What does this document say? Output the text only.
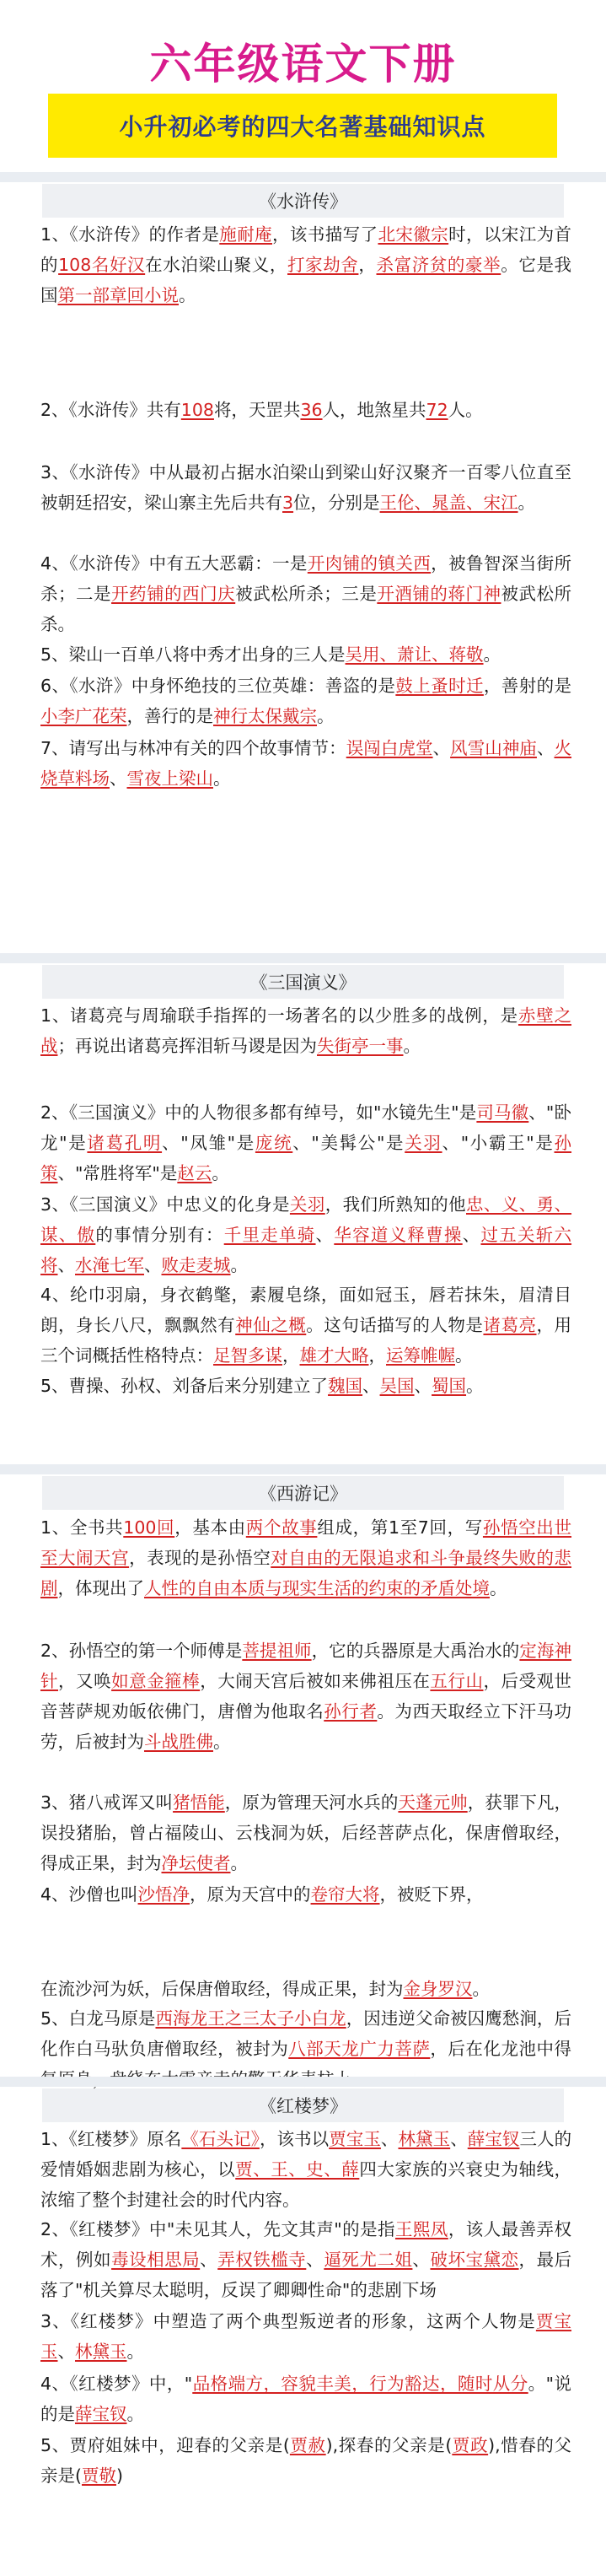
六年级语文下册
小升初必考的四大名著基础知识点
《水浒传》
1、《水浒传》的作者是施耐庵，该书描写了北宋徽宗时，以宋江为首的108名好汉在水泊梁山聚义，打家劫舍，杀富济贫的豪举。它是我国第一部章回小说。
2、《水浒传》共有108将，天罡共36人，地煞星共72人。
3、《水浒传》中从最初占据水泊梁山到梁山好汉聚齐一百零八位直至被朝廷招安，梁山寨主先后共有3位，分别是王伦、晁盖、宋江。
4、《水浒传》中有五大恶霸：一是开肉铺的镇关西，被鲁智深当街所杀；二是开药铺的西门庆被武松所杀；三是开酒铺的蒋门神被武松所杀。
5、梁山一百单八将中秀才出身的三人是吴用、萧让、蒋敬。
6、《水浒》中身怀绝技的三位英雄：善盗的是鼓上蚤时迁，善射的是小李广花荣，善行的是神行太保戴宗。
7、请写出与林冲有关的四个故事情节：误闯白虎堂、风雪山神庙、火烧草料场、雪夜上梁山。
《三国演义》
1、诸葛亮与周瑜联手指挥的一场著名的以少胜多的战例，是赤壁之战；再说出诸葛亮挥泪斩马谡是因为失街亭一事。
2、《三国演义》中的人物很多都有绰号，如"水镜先生"是司马徽、"卧龙"是诸葛孔明、"凤雏"是庞统、"美髯公"是关羽、"小霸王"是孙策、"常胜将军"是赵云。
3、《三国演义》中忠义的化身是关羽，我们所熟知的他忠、义、勇、谋、傲的事情分别有：千里走单骑、华容道义释曹操、过五关斩六将、水淹七军、败走麦城。
4、纶巾羽扇，身衣鹤氅，素履皂绦，面如冠玉，唇若抹朱，眉清目朗，身长八尺，飘飘然有神仙之概。这句话描写的人物是诸葛亮，用三个词概括性格特点：足智多谋，雄才大略，运筹帷幄。
5、曹操、孙权、刘备后来分别建立了魏国、吴国、蜀国。
《西游记》
1、全书共100回，基本由两个故事组成，第1至7回，写孙悟空出世至大闹天宫，表现的是孙悟空对自由的无限追求和斗争最终失败的悲剧，体现出了人性的自由本质与现实生活的约束的矛盾处境。
2、孙悟空的第一个师傅是菩提祖师，它的兵器原是大禹治水的定海神针，又唤如意金箍棒，大闹天宫后被如来佛祖压在五行山，后受观世音菩萨规劝皈依佛门，唐僧为他取名孙行者。为西天取经立下汗马功劳，后被封为斗战胜佛。
3、猪八戒诨又叫猪悟能，原为管理天河水兵的天蓬元帅，获罪下凡，误投猪胎，曾占福陵山、云栈洞为妖，后经菩萨点化，保唐僧取经，得成正果，封为净坛使者。
4、沙僧也叫沙悟净，原为天宫中的卷帘大将，被贬下界，
在流沙河为妖，后保唐僧取经，得成正果，封为金身罗汉。
5、白龙马原是西海龙王之三太子小白龙，因违逆父命被囚鹰愁涧，后化作白马驮负唐僧取经，被封为八部天龙广力菩萨，后在化龙池中得
《红楼梦》
1、《红楼梦》原名《石头记》，该书以贾宝玉、林黛玉、薛宝钗三人的爱情婚姻悲剧为核心，以贾、王、史、薛四大家族的兴衰史为轴线，浓缩了整个封建社会的时代内容。
2、《红楼梦》中"未见其人，先文其声"的是指王熙凤，该人最善弄权术，例如毒设相思局、弄权铁槛寺、逼死尤二姐、破坏宝黛恋，最后落了"机关算尽太聪明，反误了卿卿性命"的悲剧下场
3、《红楼梦》中塑造了两个典型叛逆者的形象，这两个人物是贾宝玉、林黛玉。
4、《红楼梦》中，"品格端方，容貌丰美，行为豁达，随时从分。"说的是薛宝钗。
5、贾府姐妹中，迎春的父亲是(贾赦),探春的父亲是(贾政),惜春的父亲是(贾敬)
